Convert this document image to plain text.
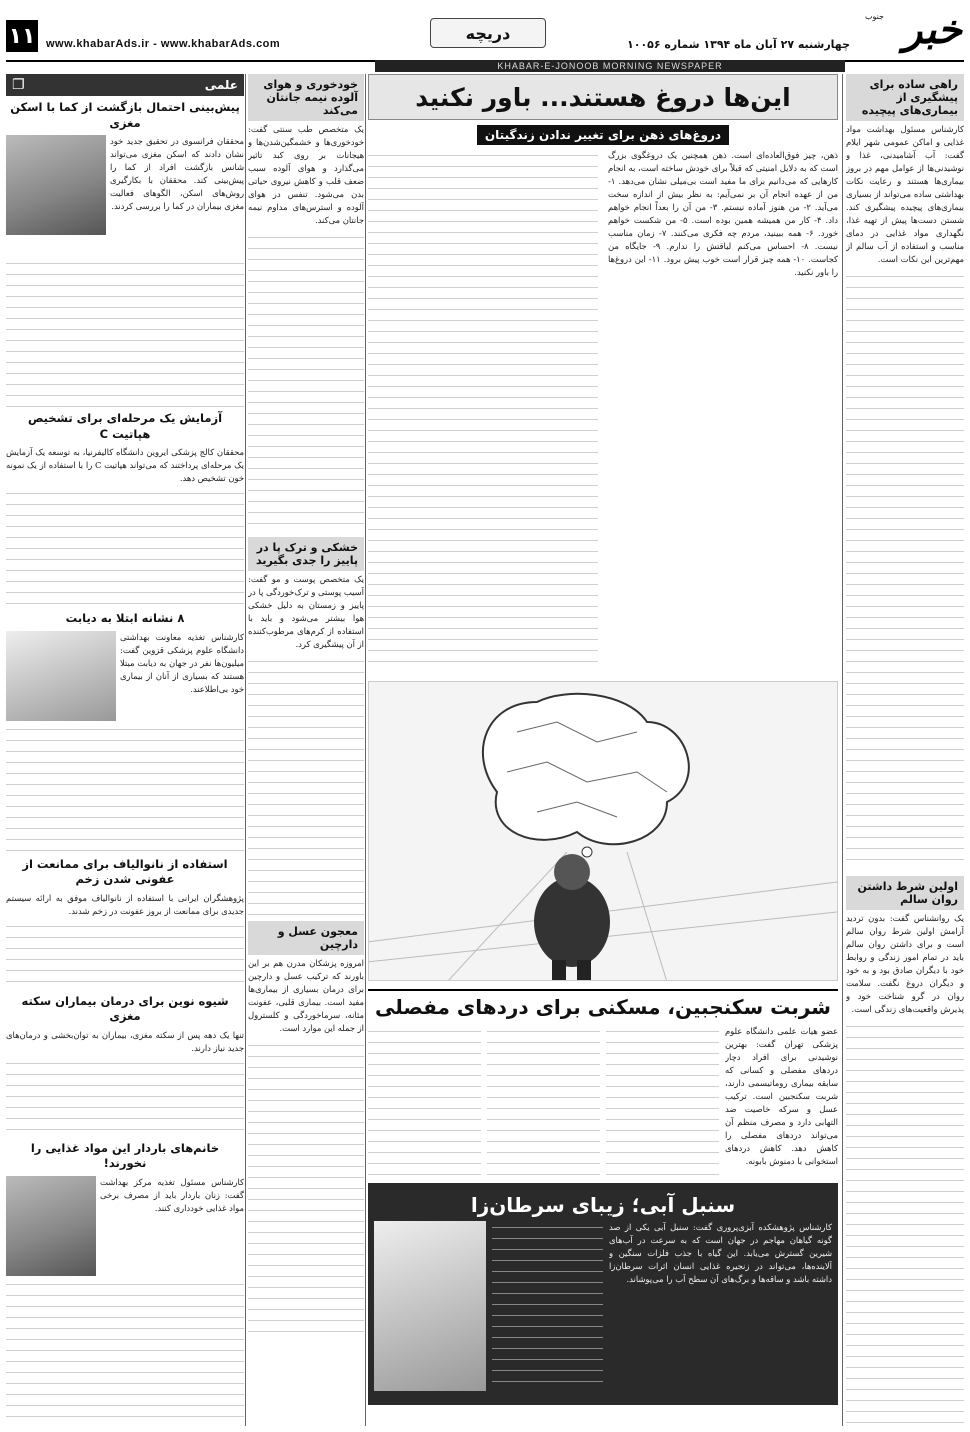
۱۱ www.khabarAds.ir - www.khabarAds.com
دریچه
چهارشنبه ۲۷ آبان ماه ۱۳۹۴ شماره ۱۰۰۵۶	خبر
جنوب
KHABAR-E-JONOOB MORNING NEWSPAPER
راهی ساده برای پیشگیری از بیماری‌های پیچیده
کارشناس مسئول بهداشت مواد غذایی و اماکن عمومی شهر ایلام گفت: آب آشامیدنی، غذا و نوشیدنی‌ها از عوامل مهم در بروز بیماری‌ها هستند و رعایت نکات بهداشتی ساده می‌تواند از بسیاری بیماری‌های پیچیده پیشگیری کند. شستن دست‌ها پیش از تهیه غذا، نگهداری مواد غذایی در دمای مناسب و استفاده از آب سالم از مهم‌ترین این نکات است.
اولین شرط داشتن روان سالم
یک روانشناس گفت: بدون تردید آرامش اولین شرط روان سالم است و برای داشتن روان سالم باید در تمام امور زندگی و روابط خود با دیگران صادق بود و به خود و دیگران دروغ نگفت. سلامت روان در گرو شناخت خود و پذیرش واقعیت‌های زندگی است.
این‌ها دروغ هستند... باور نکنید
دروغ‌های ذهن برای تغییر ندادن زندگیتان
ذهن، چیز فوق‌العاده‌ای است. ذهن همچنین یک دروغگوی بزرگ است که به دلایل امنیتی که قبلاً برای خودش ساخته است، به انجام کارهایی که می‌دانیم برای ما مفید است بی‌میلی نشان می‌دهد. ۱- من از عهده انجام آن بر نمی‌آیم: به نظر بیش از اندازه سخت می‌آید. ۲- من هنوز آماده نیستم. ۳- من آن را بعداً انجام خواهم داد. ۴- کار من همیشه همین بوده است. ۵- من شکست خواهم خورد. ۶- همه ببینید، مردم چه فکری می‌کنند. ۷- زمان مناسب نیست. ۸- احساس می‌کنم لیاقتش را ندارم. ۹- جایگاه من کجاست. ۱۰- همه چیز قرار است خوب پیش برود. ۱۱- این دروغ‌ها را باور نکنید.
شربت سکنجبین، مسکنی برای دردهای مفصلی
عضو هیات علمی دانشگاه علوم پزشکی تهران گفت: بهترین نوشیدنی برای افراد دچار دردهای مفصلی و کسانی که سابقه بیماری روماتیسمی دارند، شربت سکنجبین است. ترکیب عسل و سرکه خاصیت ضد التهابی دارد و مصرف منظم آن می‌تواند دردهای مفصلی را کاهش دهد. کاهش دردهای استخوانی با دمنوش بابونه.
سنبل آبی؛ زیبای سرطان‌زا
کارشناس پژوهشکده آبزی‌پروری گفت: سنبل آبی یکی از صد گونه گیاهان مهاجم در جهان است که به سرعت در آب‌های شیرین گسترش می‌یابد. این گیاه با جذب فلزات سنگین و آلاینده‌ها، می‌تواند در زنجیره غذایی انسان اثرات سرطان‌زا داشته باشد و ساقه‌ها و برگ‌های آن سطح آب را می‌پوشاند.
خودخوری و هوای آلوده نیمه جانتان می‌کند
یک متخصص طب سنتی گفت: خودخوری‌ها و خشمگین‌شدن‌ها و هیجانات بر روی کبد تاثیر می‌گذارد و هوای آلوده سبب ضعف قلب و کاهش نیروی حیاتی بدن می‌شود. تنفس در هوای آلوده و استرس‌های مداوم نیمه جانتان می‌کند.
خشکی و ترک پا در پاییز را جدی بگیرید
یک متخصص پوست و مو گفت: آسیب پوستی و ترک‌خوردگی پا در پاییز و زمستان به دلیل خشکی هوا بیشتر می‌شود و باید با استفاده از کرم‌های مرطوب‌کننده از آن پیشگیری کرد.
معجون عسل و دارچین
امروزه پزشکان مدرن هم بر این باورند که ترکیب عسل و دارچین برای درمان بسیاری از بیماری‌ها مفید است. بیماری قلبی، عفونت مثانه، سرماخوردگی و کلسترول از جمله این موارد است.
علمی
❐
پیش‌بینی احتمال بازگشت از کما با اسکن مغزی
محققان فرانسوی در تحقیق جدید خود نشان دادند که اسکن مغزی می‌تواند شانس بازگشت افراد از کما را پیش‌بینی کند. محققان با بکارگیری روش‌های اسکن، الگوهای فعالیت مغزی بیماران در کما را بررسی کردند.
آزمایش یک مرحله‌ای برای تشخیص هپاتیت C
محققان کالج پزشکی ایروین دانشگاه کالیفرنیا، به توسعه یک آزمایش یک مرحله‌ای پرداختند که می‌تواند هپاتیت C را با استفاده از یک نمونه خون تشخیص دهد.
۸ نشانه ابتلا به دیابت
کارشناس تغذیه معاونت بهداشتی دانشگاه علوم پزشکی قزوین گفت: میلیون‌ها نفر در جهان به دیابت مبتلا هستند که بسیاری از آنان از بیماری خود بی‌اطلاعند.
استفاده از نانوالیاف برای ممانعت از عفونی شدن زخم
پژوهشگران ایرانی با استفاده از نانوالیاف موفق به ارائه سیستم جدیدی برای ممانعت از بروز عفونت در زخم شدند.
شیوه نوین برای درمان بیماران سکته مغزی
تنها یک دهه پس از سکته مغزی، بیماران به توان‌بخشی و درمان‌های جدید نیاز دارند.
خانم‌های باردار این مواد غذایی را نخورند!
کارشناس مسئول تغذیه مرکز بهداشت گفت: زنان باردار باید از مصرف برخی مواد غذایی خودداری کنند.
